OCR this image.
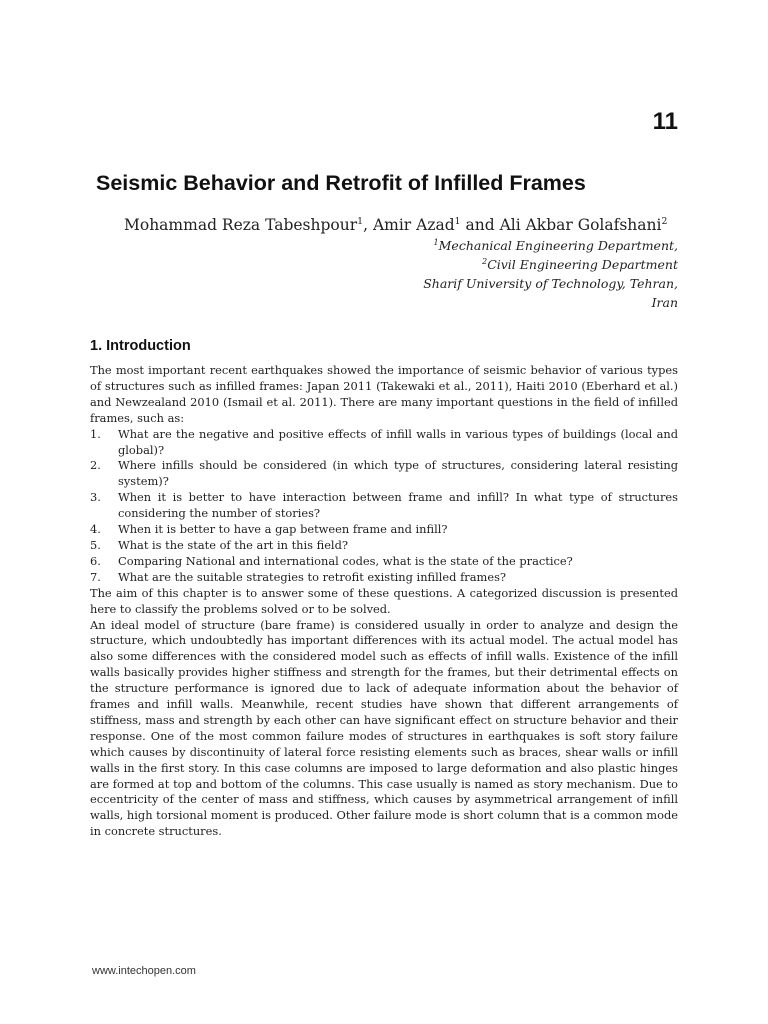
11
Seismic Behavior and Retrofit of Infilled Frames
Mohammad Reza Tabeshpour$^1$, Amir Azad$^1$ and Ali Akbar Golafshani$^2$
$^1$Mechanical Engineering Department,
$^2$Civil Engineering Department
Sharif University of Technology, Tehran,
Iran
1. Introduction

The most important recent earthquakes showed the importance of seismic behavior of various types of structures such as infilled frames: Japan 2011 (Takewaki et al., 2011), Haiti 2010 (Eberhard et al.) and Newzealand 2010 (Ismail et al. 2011). There are many important questions in the field of infilled frames, such as:

1. What are the negative and positive effects of infill walls in various types of buildings (local and global)?
2. Where infills should be considered (in which type of structures, considering lateral resisting system)?
3. When it is better to have interaction between frame and infill? In what type of structures considering the number of stories?
4. When it is better to have a gap between frame and infill?
5. What is the state of the art in this field?
6. Comparing National and international codes, what is the state of the practice?
7. What are the suitable strategies to retrofit existing infilled frames?

The aim of this chapter is to answer some of these questions. A categorized discussion is presented here to classify the problems solved or to be solved.

An ideal model of structure (bare frame) is considered usually in order to analyze and design the structure, which undoubtedly has important differences with its actual model. The actual model has also some differences with the considered model such as effects of infill walls. Existence of the infill walls basically provides higher stiffness and strength for the frames, but their detrimental effects on the structure performance is ignored due to lack of adequate information about the behavior of frames and infill walls. Meanwhile, recent studies have shown that different arrangements of stiffness, mass and strength by each other can have significant effect on structure behavior and their response. One of the most common failure modes of structures in earthquakes is soft story failure which causes by discontinuity of lateral force resisting elements such as braces, shear walls or infill walls in the first story. In this case columns are imposed to large deformation and also plastic hinges are formed at top and bottom of the columns. This case usually is named as story mechanism. Due to eccentricity of the center of mass and stiffness, which causes by asymmetrical arrangement of infill walls, high torsional moment is produced. Other failure mode is short column that is a common mode in concrete structures.

www.intechopen.com
